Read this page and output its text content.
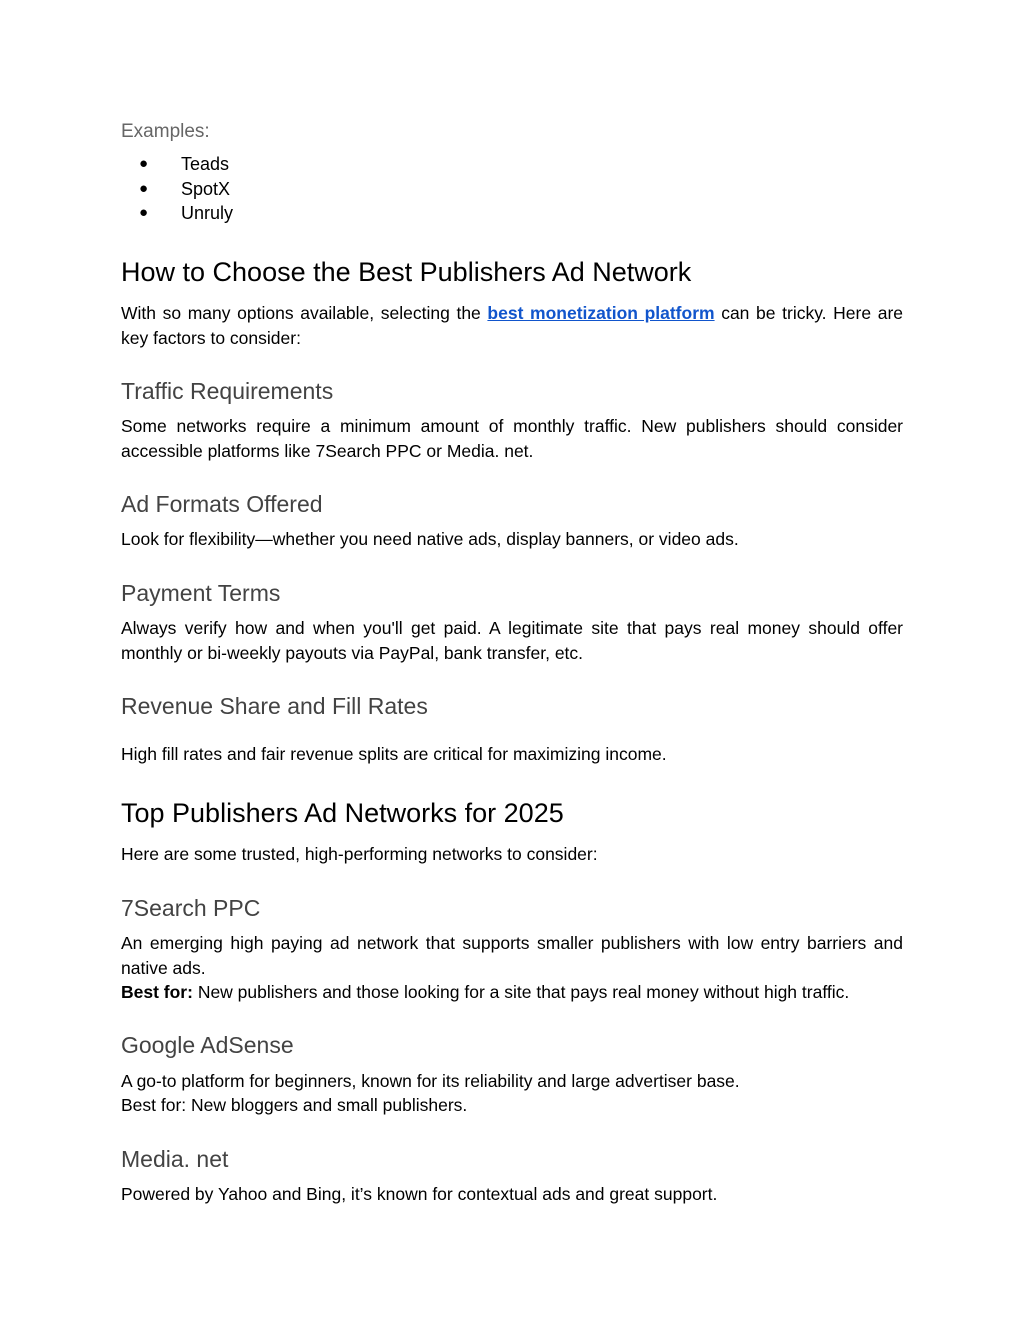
Examples:
● Teads
● SpotX
● Unruly
How to Choose the Best Publishers Ad Network

With so many options available, selecting the best monetization platform can be tricky. Here are key factors to consider:

Traffic Requirements

Some networks require a minimum amount of monthly traffic. New publishers should consider accessible platforms like 7Search PPC or Media. net.

Ad Formats Offered

Look for flexibility—whether you need native ads, display banners, or video ads.

Payment Terms

Always verify how and when you'll get paid. A legitimate site that pays real money should offer monthly or bi-weekly payouts via PayPal, bank transfer, etc.

Revenue Share and Fill Rates

High fill rates and fair revenue splits are critical for maximizing income.

Top Publishers Ad Networks for 2025

Here are some trusted, high-performing networks to consider:

7Search PPC

An emerging high paying ad network that supports smaller publishers with low entry barriers and native ads.

Best for: New publishers and those looking for a site that pays real money without high traffic.

Google AdSense

A go-to platform for beginners, known for its reliability and large advertiser base.

Best for: New bloggers and small publishers.

Media. net

Powered by Yahoo and Bing, it’s known for contextual ads and great support.
